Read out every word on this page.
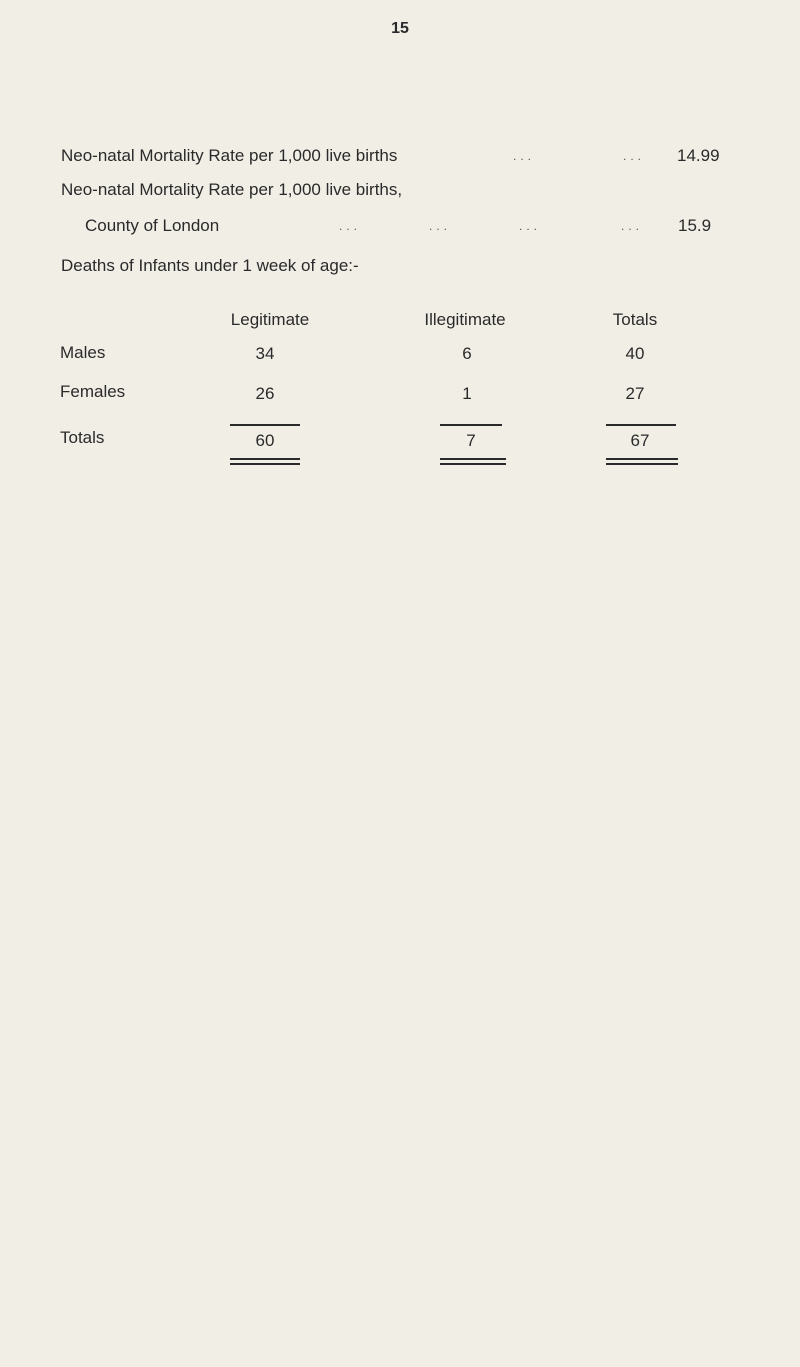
15
Neo-natal Mortality Rate per 1,000 live births	...	... 14.99
Neo-natal Mortality Rate per 1,000 live births,
County of London	...	...	...	... 15.9
Deaths of Infants under 1 week of age:-
Legitimate	Illegitimate	Totals
Males	34	6	40
Females	26	1	27
Totals	60	7	67
